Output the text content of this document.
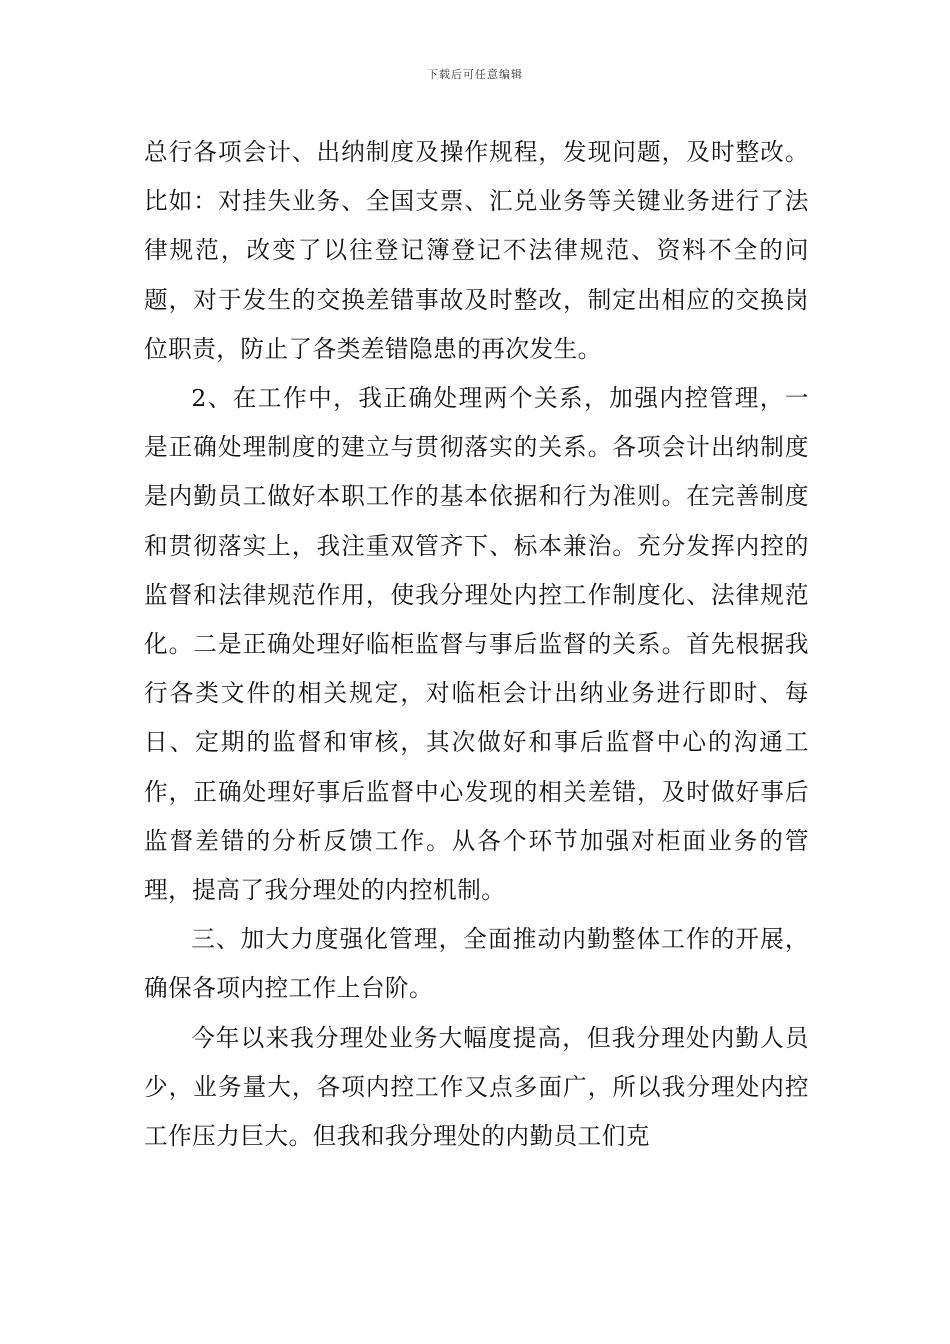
下载后可任意编辑

总行各项会计、出纳制度及操作规程，发现问题，及时整改。比如：对挂失业务、全国支票、汇兑业务等关键业务进行了法律规范，改变了以往登记簿登记不法律规范、资料不全的问题，对于发生的交换差错事故及时整改，制定出相应的交换岗位职责，防止了各类差错隐患的再次发生。

2、在工作中，我正确处理两个关系，加强内控管理，一是正确处理制度的建立与贯彻落实的关系。各项会计出纳制度是内勤员工做好本职工作的基本依据和行为准则。在完善制度和贯彻落实上，我注重双管齐下、标本兼治。充分发挥内控的监督和法律规范作用，使我分理处内控工作制度化、法律规范化。二是正确处理好临柜监督与事后监督的关系。首先根据我行各类文件的相关规定，对临柜会计出纳业务进行即时、每日、定期的监督和审核，其次做好和事后监督中心的沟通工作，正确处理好事后监督中心发现的相关差错，及时做好事后监督差错的分析反馈工作。从各个环节加强对柜面业务的管理，提高了我分理处的内控机制。

三、加大力度强化管理，全面推动内勤整体工作的开展，确保各项内控工作上台阶。

今年以来我分理处业务大幅度提高，但我分理处内勤人员少，业务量大，各项内控工作又点多面广，所以我分理处内控工作压力巨大。但我和我分理处的内勤员工们克
